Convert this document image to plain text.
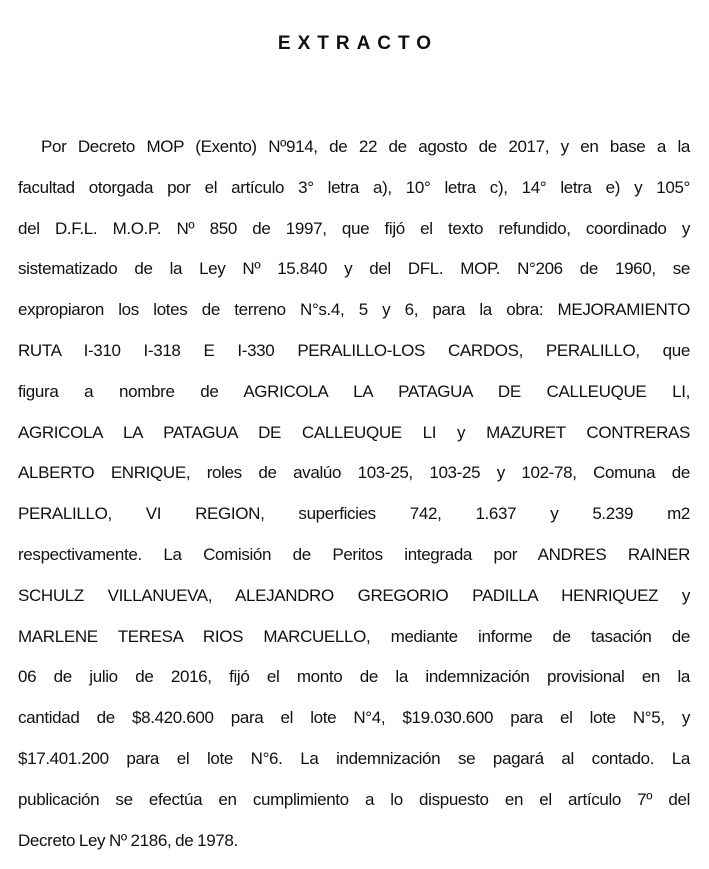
EXTRACTO
Por Decreto MOP (Exento) Nº914, de 22 de agosto de 2017, y en base a la
facultad otorgada por el artículo 3° letra a), 10° letra c), 14° letra e) y 105°
del D.F.L. M.O.P. Nº 850 de 1997, que fijó el texto refundido, coordinado y
sistematizado de la Ley Nº 15.840 y del DFL. MOP. N°206 de 1960, se
expropiaron los lotes de terreno N°s.4, 5 y 6, para la obra: MEJORAMIENTO
RUTA I-310 I-318 E I-330 PERALILLO-LOS CARDOS, PERALILLO, que
figura a nombre de AGRICOLA LA PATAGUA DE CALLEUQUE LI,
AGRICOLA LA PATAGUA DE CALLEUQUE LI y MAZURET CONTRERAS
ALBERTO ENRIQUE, roles de avalúo 103-25, 103-25 y 102-78, Comuna de
PERALILLO, VI REGION, superficies 742, 1.637 y 5.239 m2
respectivamente. La Comisión de Peritos integrada por ANDRES RAINER
SCHULZ VILLANUEVA, ALEJANDRO GREGORIO PADILLA HENRIQUEZ y
MARLENE TERESA RIOS MARCUELLO, mediante informe de tasación de
06 de julio de 2016, fijó el monto de la indemnización provisional en la
cantidad de $8.420.600 para el lote N°4, $19.030.600 para el lote N°5, y
$17.401.200 para el lote N°6. La indemnización se pagará al contado. La
publicación se efectúa en cumplimiento a lo dispuesto en el artículo 7º del
Decreto Ley Nº 2186, de 1978.
